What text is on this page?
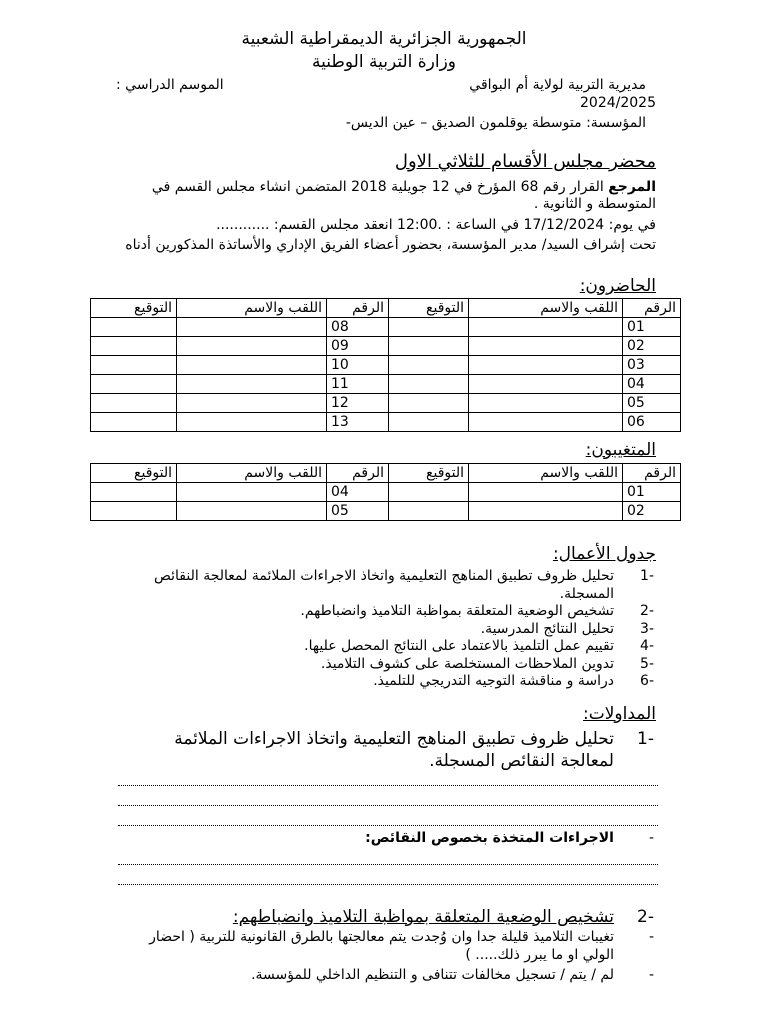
الجمهورية الجزائرية الديمقراطية الشعبية
وزارة التربية الوطنية
مديرية التربية لولاية أم البواقي
الموسم الدراسي :
2024/2025
المؤسسة: متوسطة يوقلمون الصديق – عين الديس-
محضر مجلس الأقسام للثلاثي الاول
المرجع القرار رقم 68 المؤرخ في 12 جويلية 2018 المتضمن انشاء مجلس القسم في المتوسطة و الثانوية .
في يوم: 17/12/2024 في الساعة : .12:00 انعقد مجلس القسم: ............
تحت إشراف السيد/ مدير المؤسسة، بحضور أعضاء الفريق الإداري والأساتذة المذكورين أدناه
الحاضرون:
الرقم	اللقب والاسم	التوقيع	الرقم	اللقب والاسم	التوقيع
01			08		
02			09		
03			10		
04			11		
05			12		
06			13		
المتغيبون:
الرقم	اللقب والاسم	التوقيع	الرقم	اللقب والاسم	التوقيع
01			04		
02			05		
جدول الأعمال:
-1
تحليل ظروف تطبيق المناهج التعليمية واتخاذ الاجراءات الملائمة لمعالجة النقائص المسجلة.
-2
تشخيص الوضعية المتعلقة بمواظبة التلاميذ وانضباطهم.
-3
تحليل النتائج المدرسية.
-4
تقييم عمل التلميذ بالاعتماد على النتائج المحصل عليها.
-5
تدوين الملاحظات المستخلصة على كشوف التلاميذ.
-6
دراسة و مناقشة التوجيه التدريجي للتلميذ.
المداولات:
-1
تحليل ظروف تطبيق المناهج التعليمية واتخاذ الاجراءات الملائمة لمعالجة النقائص المسجلة.
-
الاجراءات المتخذة بخصوص النقائص:
-2
تشخيص الوضعية المتعلقة بمواظبة التلاميذ وانضباطهم:
-
تغيبات التلاميذ قليلة جدا وان وُجدت يتم معالجتها بالطرق القانونية للتربية ( احضار الولي او ما يبرر ذلك..... )
-
لم / يتم / تسجيل مخالفات تتنافى و التنظيم الداخلي للمؤسسة.
